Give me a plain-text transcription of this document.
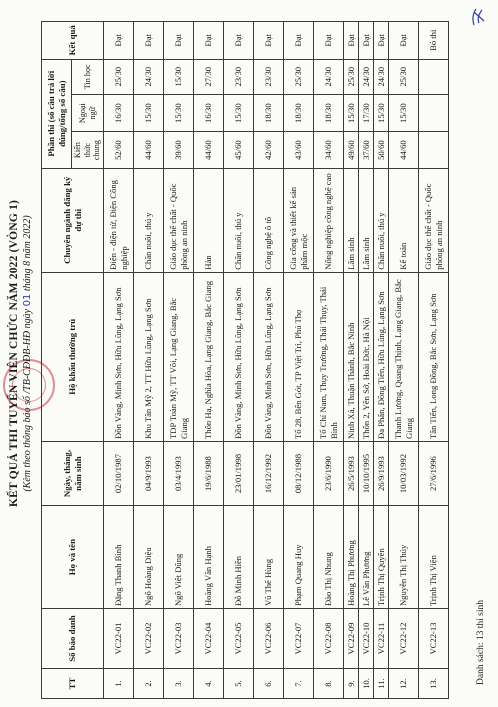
KẾT QUẢ THI TUYỂN VIÊN CHỨC NĂM 2022 (VÒNG 1) (Kèm theo thông báo số /TB-CĐĐB-HĐ ngày 01 tháng 8 năm 2022)
TT	Số báo danh	Họ và tên	Ngày, tháng, năm sinh	Hộ khẩu thường trú	Chuyên ngành đăng ký dự thi	Phần thi (số câu trả lời đúng/tổng số câu)			Kết quả
						Kiến thức chung	Ngoại ngữ	Tin học	
1.	VC22-01	Đặng Thanh Bình	02/10/1987	Đồn Vàng, Minh Sơn, Hữu Lũng, Lạng Sơn	Điện - điện tử, Điện Công nghiệp	52/60	16/30	25/30	Đạt
2.	VC22-02	Ngô Hoàng Diệu	04/9/1993	Khu Tân Mỹ 2, TT Hữu Lũng, Lạng Sơn	Chăn nuôi, thú y	44/60	15/30	24/30	Đạt
3.	VC22-03	Ngô Việt Dũng	03/4/1993	TDP Toàn Mỹ, TT Vôi, Lạng Giang, Bắc Giang	Giáo dục thể chất - Quốc phòng an ninh	39/60	15/30	15/30	Đạt
4.	VC22-04	Hoàng Văn Hạnh	19/6/1988	Thôn Hạ, Nghĩa Hòa, Lạng Giang, Bắc Giang	Hàn	44/60	16/30	27/30	Đạt
5.	VC22-05	Đỗ Minh Hiền	23/01/1998	Đồn Vàng, Minh Sơn, Hữu Lũng, Lạng Sơn	Chăn nuôi, thú y	45/60	15/30	23/30	Đạt
6.	VC22-06	Vũ Thế Hùng	16/12/1992	Đồn Vàng, Minh Sơn, Hữu Lũng, Lạng Sơn	Công nghệ ô tô	42/60	18/30	23/30	Đạt
7.	VC22-07	Phạm Quang Huy	08/12/1988	Tổ 28, Bến Gót, TP Việt Trì, Phú Thọ	Gia công và thiết kế sản phẩm mộc	43/60	18/30	25/30	Đạt
8.	VC22-08	Đào Thị Nhung	23/6/1990	Tổ Chí Nam, Thụy Trường, Thái Thụy, Thái Bình	Nông nghiệp công nghệ cao	34/60	18/30	24/30	Đạt
9.	VC22-09	Hoàng Thị Phương	26/5/1993	Ninh Xá, Thuận Thành, Bắc Ninh	Lâm sinh	49/60	15/30	25/30	Đạt
10.	VC22-10	Lê Văn Phương	10/10/1995	Thôn 2, Yên Sở, Hoài Đức, Hà Nội	Lâm sinh	37/60	17/30	24/30	Đạt
11.	VC22-11	Trịnh Thị Quyên	26/9/1993	Đa Phấn, Đồng Tiến, Hữu Lũng, Lạng Sơn	Chăn nuôi, thú y	50/60	15/30	24/30	Đạt
12.	VC22-12	Nguyễn Thị Thúy	10/03/1992	Thanh Lương, Quang Thịnh, Lạng Giang, Bắc Giang	Kế toán	44/60	15/30	25/30	Đạt
13.	VC22-13	Trịnh Thị Viện	27/6/1996	Tân Tiến, Long Đồng, Bắc Sơn, Lạng Sơn	Giáo dục thể chất - Quốc phòng an ninh				Bỏ thi
Danh sách: 13 thí sinh
